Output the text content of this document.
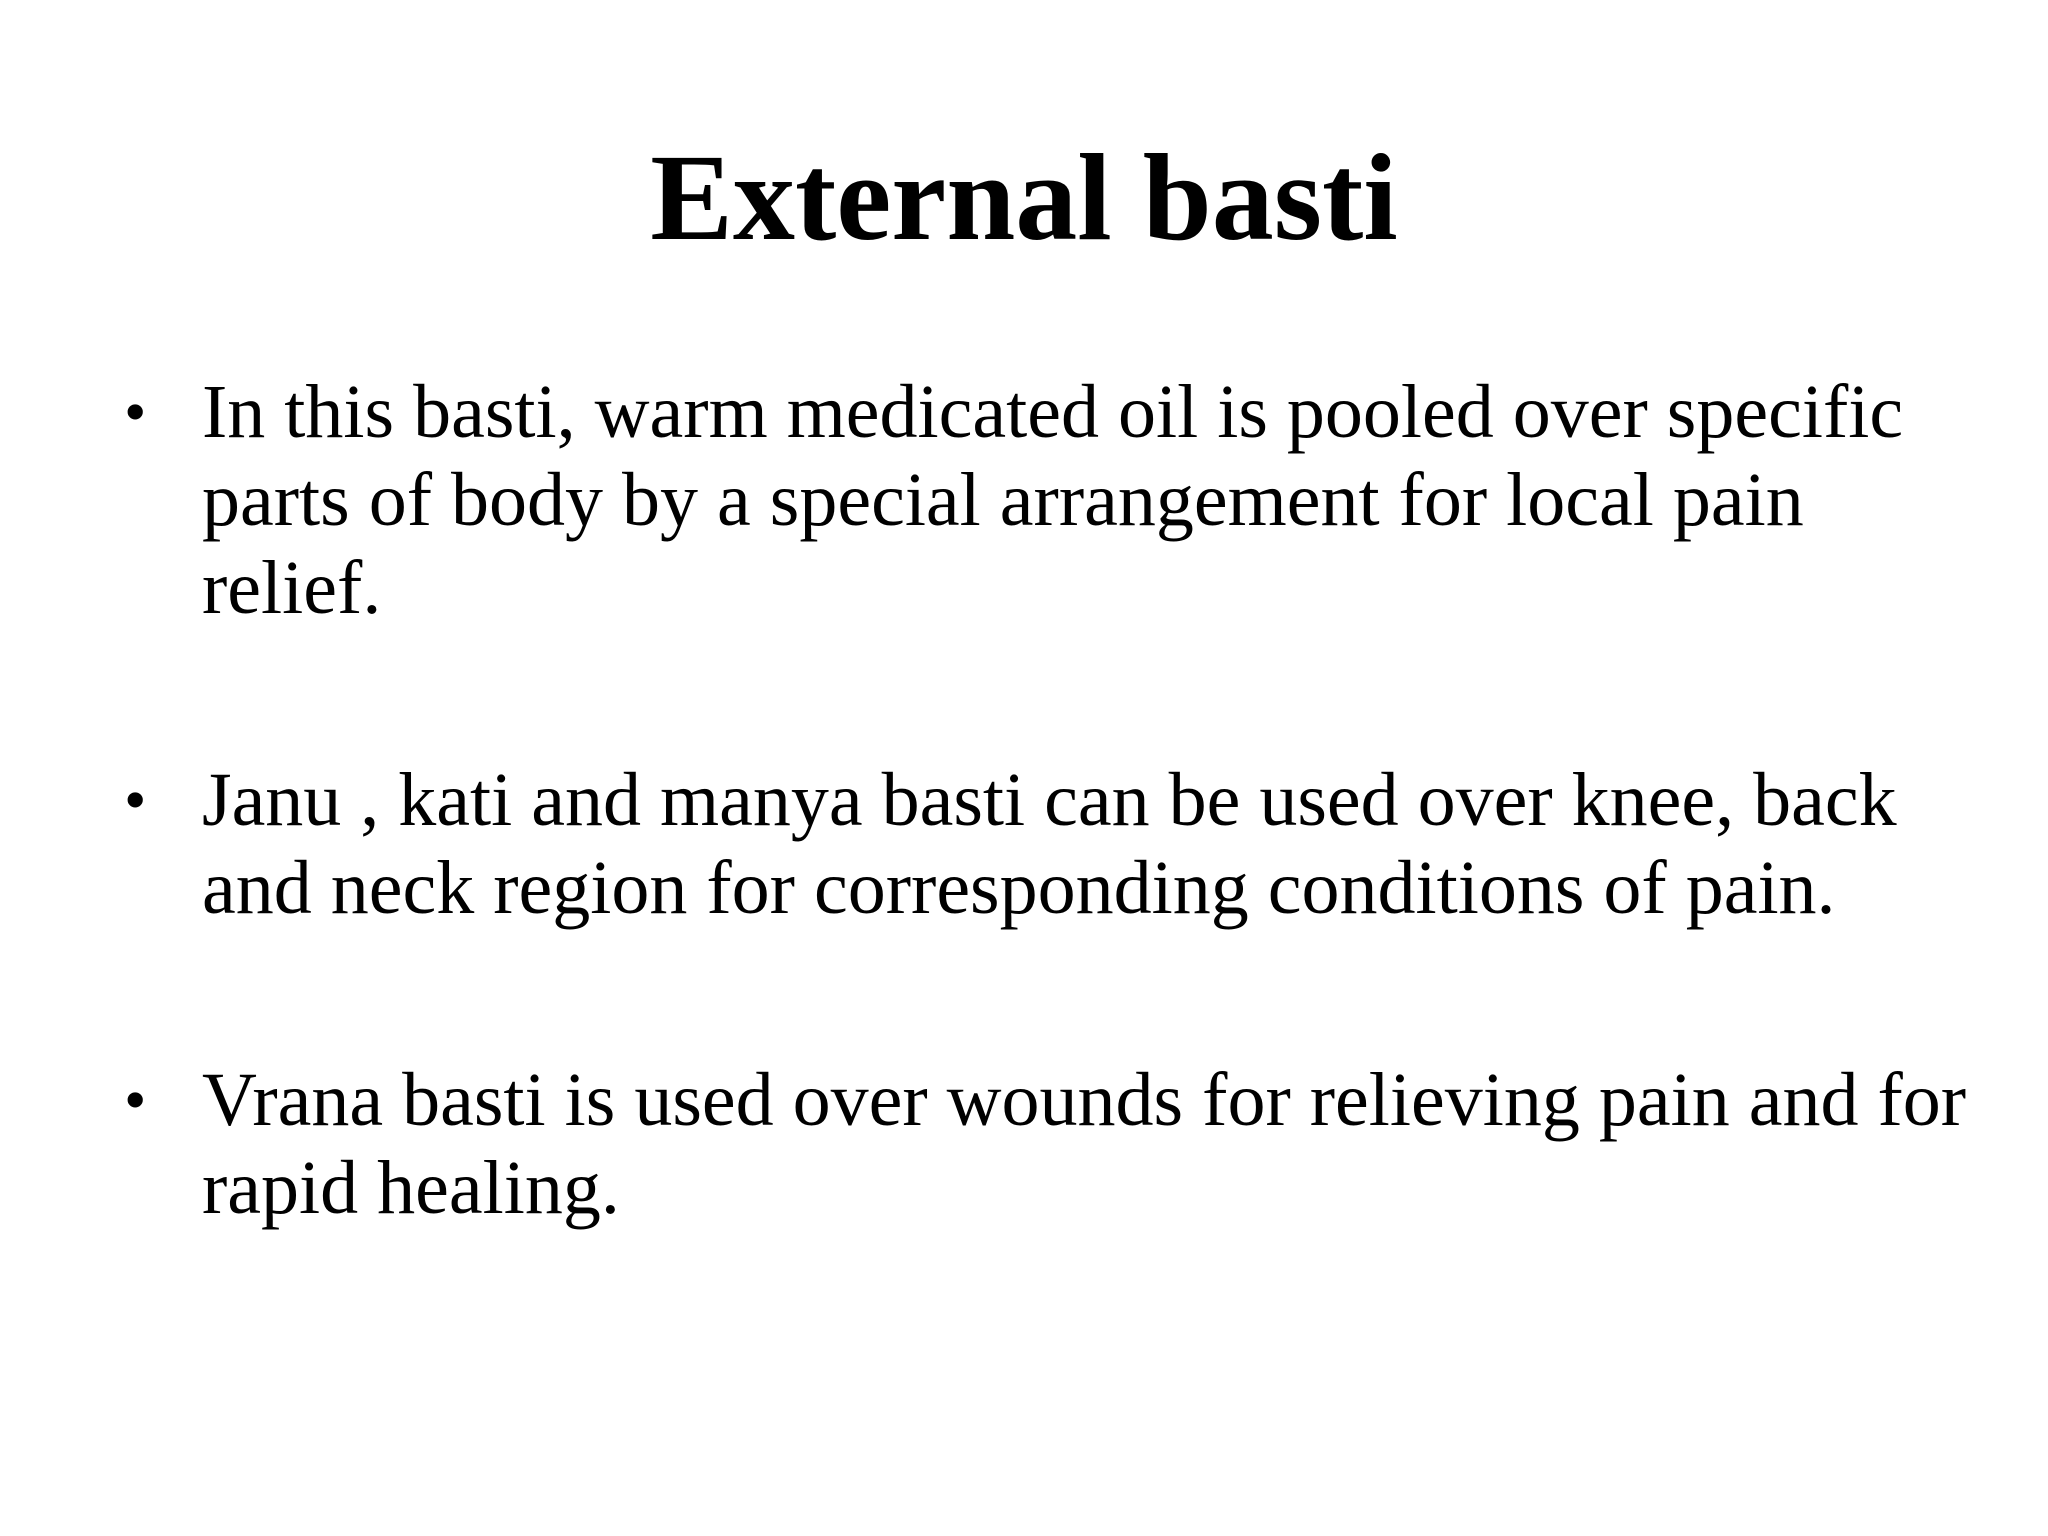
External basti
• In this basti, warm medicated oil is pooled over specific parts of body by a special arrangement for local pain relief.
• Janu , kati and manya basti can be used over knee, back and neck region for corresponding conditions of pain.
• Vrana basti is used over wounds for relieving pain and for rapid healing.
